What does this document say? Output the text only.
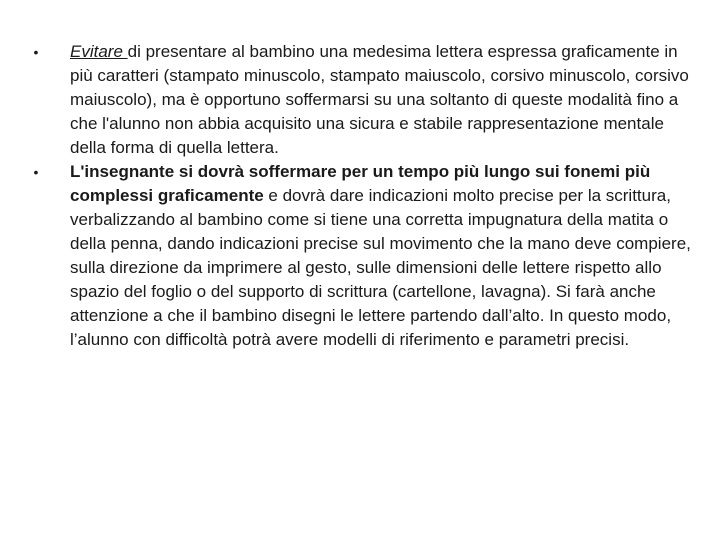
•	Evitare di presentare al bambino una medesima lettera espressa graficamente in più caratteri (stampato minuscolo, stampato maiuscolo, corsivo minuscolo, corsivo maiuscolo), ma è opportuno soffermarsi su una soltanto di queste modalità fino a che l'alunno non abbia acquisito una sicura e stabile rappresentazione mentale della forma di quella lettera.
•	L'insegnante si dovrà soffermare per un tempo più lungo sui fonemi più complessi graficamente e dovrà dare indicazioni molto precise per la scrittura, verbalizzando al bambino come si tiene una corretta impugnatura della matita o della penna, dando indicazioni precise sul movimento che la mano deve compiere, sulla direzione da imprimere al gesto, sulle dimensioni delle lettere rispetto allo spazio del foglio o del supporto di scrittura (cartellone, lavagna). Si farà anche attenzione a che il bambino disegni le lettere partendo dall’alto. In questo modo, l’alunno con difficoltà potrà avere modelli di riferimento e parametri precisi.
